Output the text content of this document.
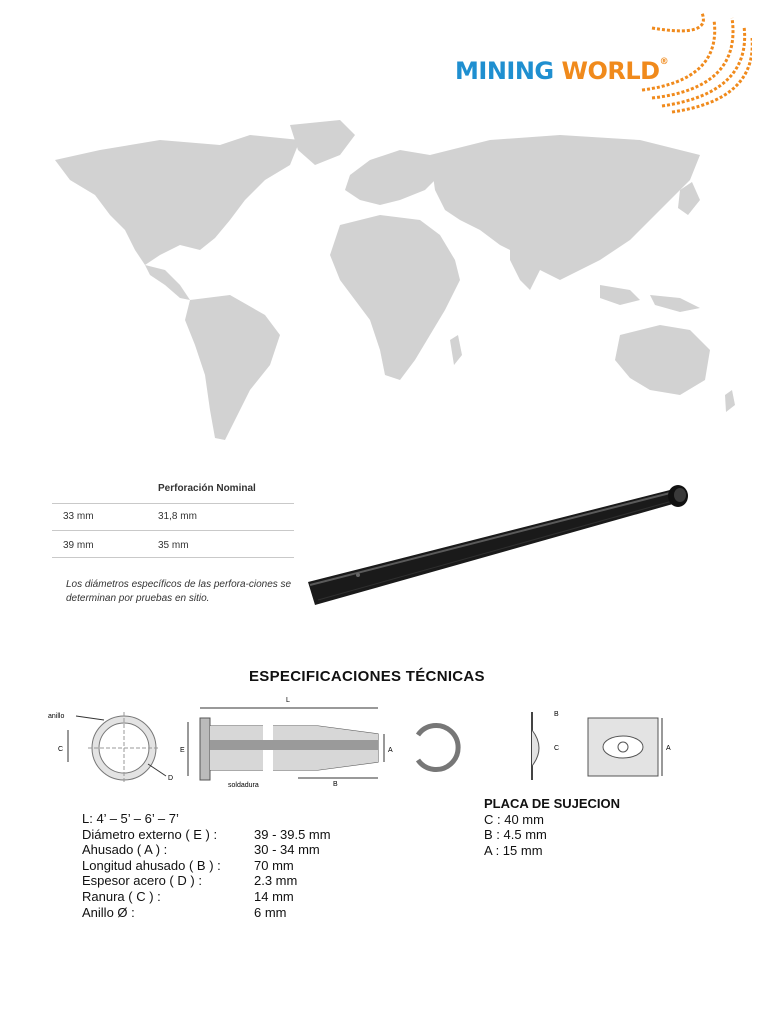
MINING WORLD®
Perforación Nominal
33 mm	31,8 mm
39 mm	35 mm
Los diámetros específicos de las perfora-ciones se determinan por pruebas en sitio.
ESPECIFICACIONES TÉCNICAS
C
anillo
D
L
E	A
B
soldadura
B
C	A
L: 4’ – 5’ – 6’ – 7’
Diámetro externo ( E ) :	39 - 39.5 mm
Ahusado ( A ) :	30 - 34 mm
Longitud ahusado ( B ) :	70 mm
Espesor acero ( D ) :	2.3 mm
Ranura ( C ) :	14 mm
Anillo Ø :	6 mm
PLACA DE SUJECION
C : 40 mm
B : 4.5 mm
A : 15 mm
